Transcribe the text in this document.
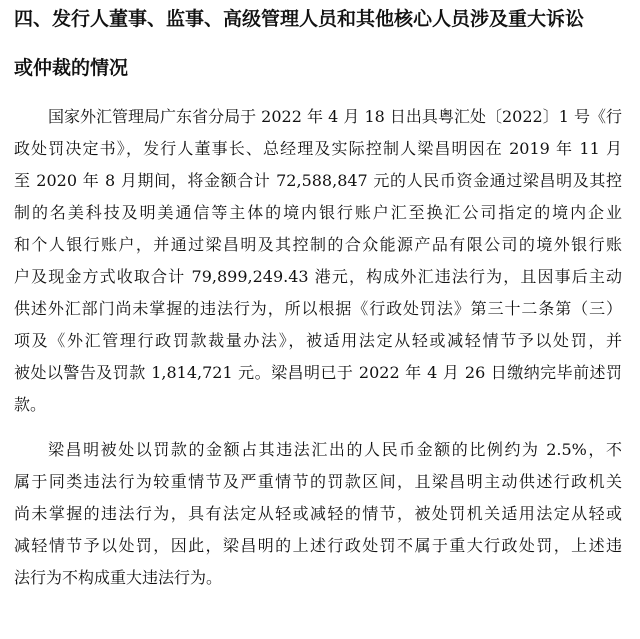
四、发行人董事、监事、高级管理人员和其他核心人员涉及重大诉讼
或仲裁的情况
国家外汇管理局广东省分局于 2022 年 4 月 18 日出具粤汇处〔2022〕1 号《行
政处罚决定书》，发行人董事长、总经理及实际控制人梁昌明因在 2019 年 11 月
至 2020 年 8 月期间，将金额合计 72,588,847 元的人民币资金通过梁昌明及其控
制的名美科技及明美通信等主体的境内银行账户汇至换汇公司指定的境内企业
和个人银行账户，并通过梁昌明及其控制的合众能源产品有限公司的境外银行账
户及现金方式收取合计 79,899,249.43 港元，构成外汇违法行为，且因事后主动
供述外汇部门尚未掌握的违法行为，所以根据《行政处罚法》第三十二条第（三）
项及《外汇管理行政罚款裁量办法》，被适用法定从轻或减轻情节予以处罚，并
被处以警告及罚款 1,814,721 元。梁昌明已于 2022 年 4 月 26 日缴纳完毕前述罚
款。
梁昌明被处以罚款的金额占其违法汇出的人民币金额的比例约为 2.5%，不
属于同类违法行为较重情节及严重情节的罚款区间，且梁昌明主动供述行政机关
尚未掌握的违法行为，具有法定从轻或减轻的情节，被处罚机关适用法定从轻或
减轻情节予以处罚，因此，梁昌明的上述行政处罚不属于重大行政处罚，上述违
法行为不构成重大违法行为。
